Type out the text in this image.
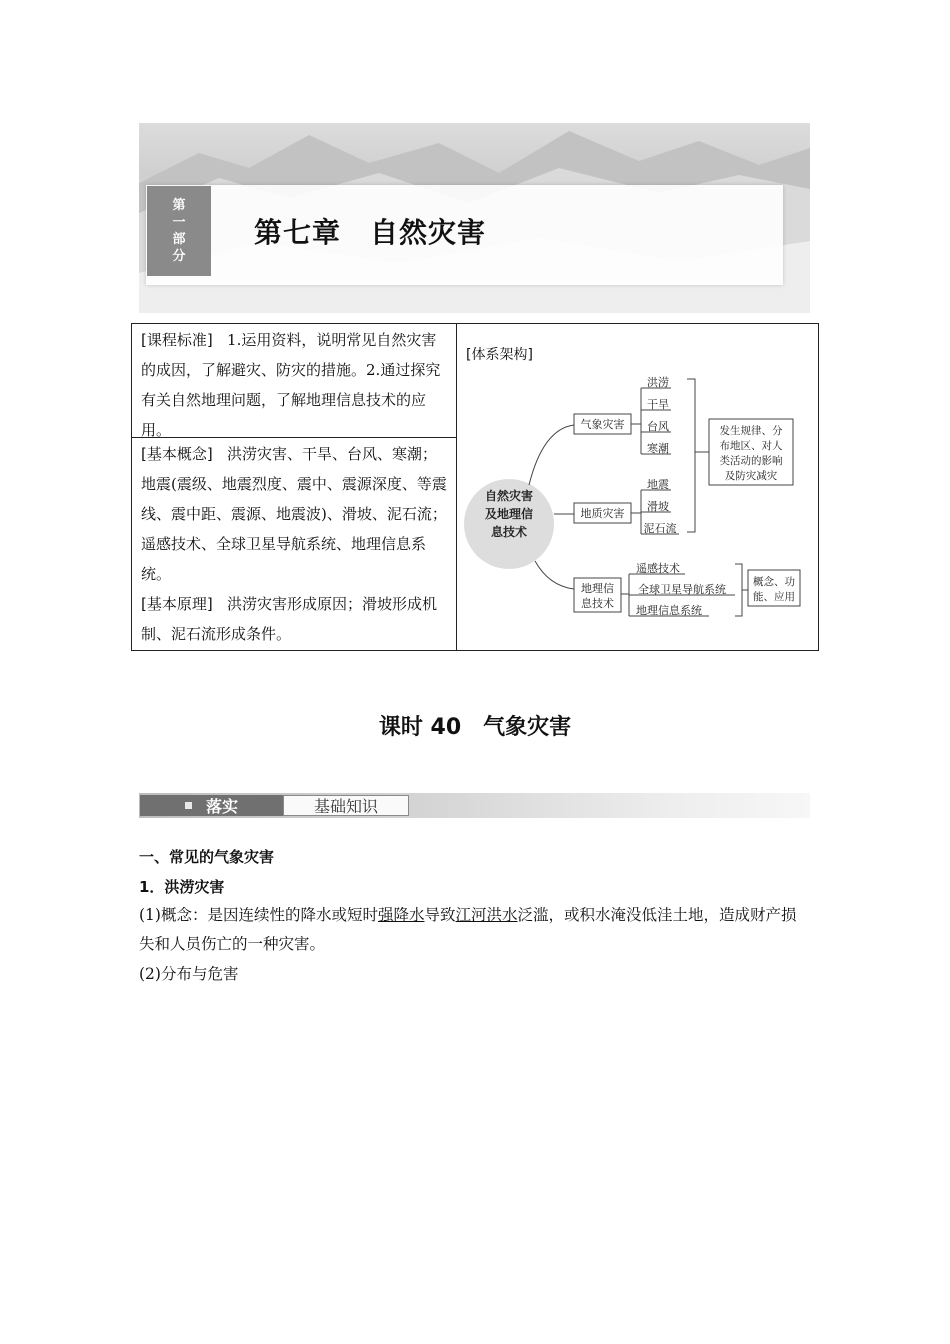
第
一
部
分
第七章　自然灾害
[课程标准] 1.运用资料，说明常见自然灾害的成因，了解避灾、防灾的措施。2.通过探究有关自然地理问题，了解地理信息技术的应用。
[基本概念] 洪涝灾害、干旱、台风、寒潮；地震(震级、地震烈度、震中、震源深度、等震线、震中距、震源、地震波)、滑坡、泥石流；遥感技术、全球卫星导航系统、地理信息系统。
[基本原理] 洪涝灾害形成原因；滑坡形成机制、泥石流形成条件。
[体系架构]
自然灾害
及地理信
息技术
气象灾害
洪涝
干旱
台风
寒潮
地质灾害
地震
滑坡
泥石流
发生规律、分
布地区、对人
类活动的影响
及防灾减灾
地理信
息技术
遥感技术
全球卫星导航系统
地理信息系统
概念、功
能、应用
课时 40　气象灾害
落实	基础知识
一、常见的气象灾害
1．洪涝灾害
(1)概念：是因连续性的降水或短时强降水导致江河洪水泛滥，或积水淹没低洼土地，造成财产损失和人员伤亡的一种灾害。
(2)分布与危害
